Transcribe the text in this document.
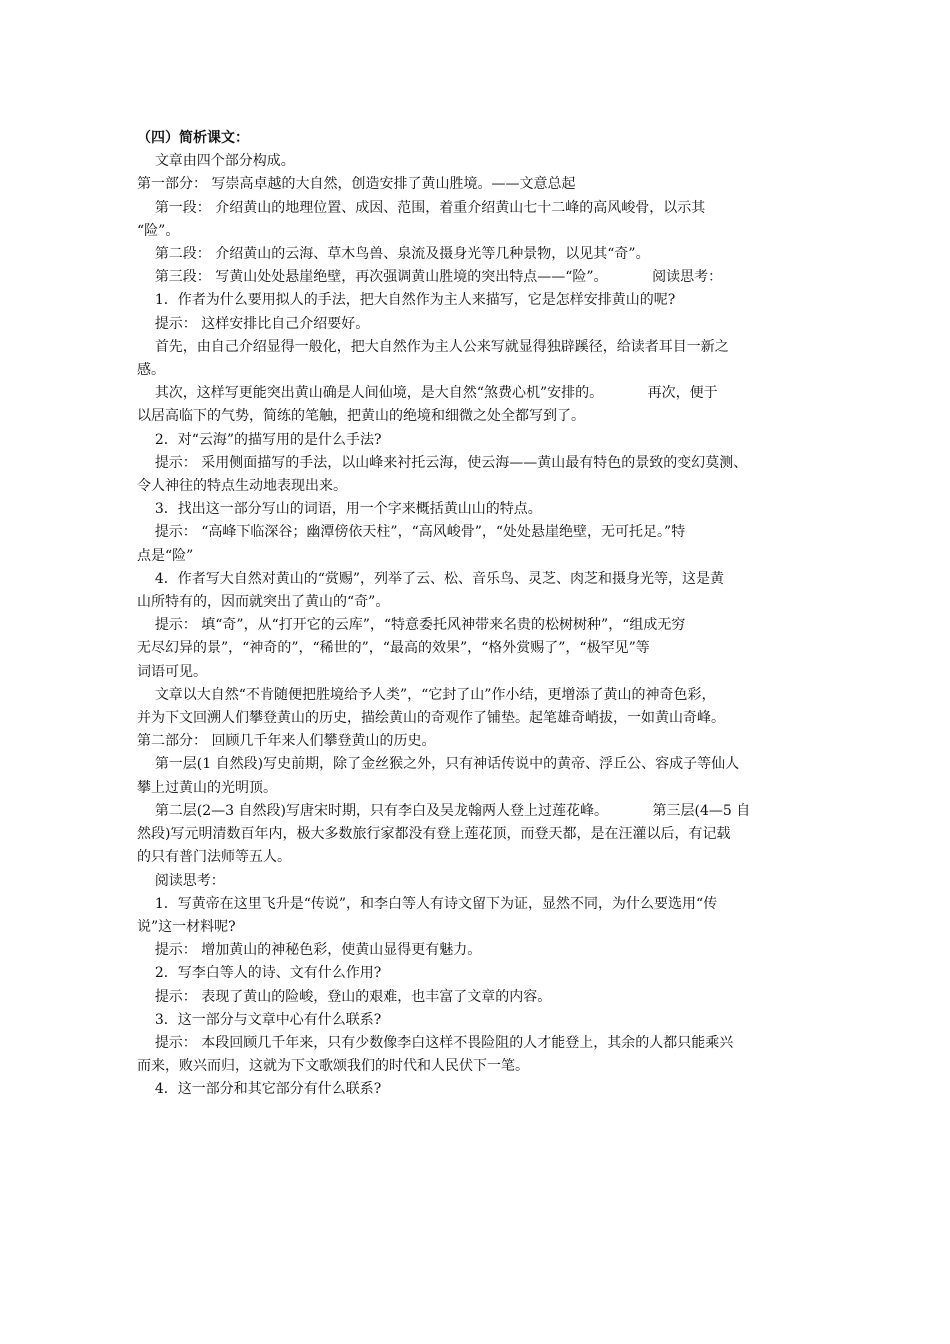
（四）简析课文：
文章由四个部分构成。
第一部分： 写崇高卓越的大自然，创造安排了黄山胜境。——文意总起
第一段： 介绍黄山的地理位置、成因、范围，着重介绍黄山七十二峰的高风峻骨，以示其
“险”。
第二段： 介绍黄山的云海、草木鸟兽、泉流及摄身光等几种景物，以见其“奇”。
第三段： 写黄山处处悬崖绝壁，再次强调黄山胜境的突出特点——“险”。          阅读思考：
1．作者为什么要用拟人的手法，把大自然作为主人来描写，它是怎样安排黄山的呢?
提示： 这样安排比自己介绍要好。
首先，由自己介绍显得一般化，把大自然作为主人公来写就显得独辟蹊径，给读者耳目一新之
感。
其次，这样写更能突出黄山确是人间仙境，是大自然“煞费心机”安排的。          再次，便于
以居高临下的气势，简练的笔触，把黄山的绝境和细微之处全都写到了。
2．对“云海”的描写用的是什么手法?
提示： 采用侧面描写的手法，以山峰来衬托云海，使云海——黄山最有特色的景致的变幻莫测、
令人神往的特点生动地表现出来。
3．找出这一部分写山的词语，用一个字来概括黄山山的特点。
提示： “高峰下临深谷；幽潭傍依天柱”，“高风峻骨”，“处处悬崖绝壁，无可托足。”特
点是“险”
4．作者写大自然对黄山的“赏赐”，列举了云、松、音乐鸟、灵芝、肉芝和摄身光等，这是黄
山所特有的，因而就突出了黄山的“奇”。
提示： 填“奇”，从“打开它的云库”，“特意委托风神带来名贵的松树树种”，“组成无穷
无尽幻异的景”，“神奇的”，“稀世的”，“最高的效果”，“格外赏赐了”，“极罕见”等
词语可见。
文章以大自然“不肯随便把胜境给予人类”，“它封了山”作小结，更增添了黄山的神奇色彩，
并为下文回溯人们攀登黄山的历史，描绘黄山的奇观作了铺垫。起笔雄奇峭拔，一如黄山奇峰。
第二部分： 回顾几千年来人们攀登黄山的历史。
第一层(1 自然段)写史前期，除了金丝猴之外，只有神话传说中的黄帝、浮丘公、容成子等仙人
攀上过黄山的光明顶。
第二层(2—3 自然段)写唐宋时期，只有李白及吴龙翰两人登上过莲花峰。          第三层(4—5 自
然段)写元明清数百年内，极大多数旅行家都没有登上莲花顶，而登天都，是在汪灌以后，有记载
的只有普门法师等五人。
阅读思考：
1．写黄帝在这里飞升是“传说”，和李白等人有诗文留下为证，显然不同，为什么要选用“传
说”这一材料呢?
提示： 增加黄山的神秘色彩，使黄山显得更有魅力。
2．写李白等人的诗、文有什么作用?
提示： 表现了黄山的险峻，登山的艰难，也丰富了文章的内容。
3．这一部分与文章中心有什么联系?
提示： 本段回顾几千年来，只有少数像李白这样不畏险阻的人才能登上，其余的人都只能乘兴
而来，败兴而归，这就为下文歌颂我们的时代和人民伏下一笔。
4．这一部分和其它部分有什么联系?
